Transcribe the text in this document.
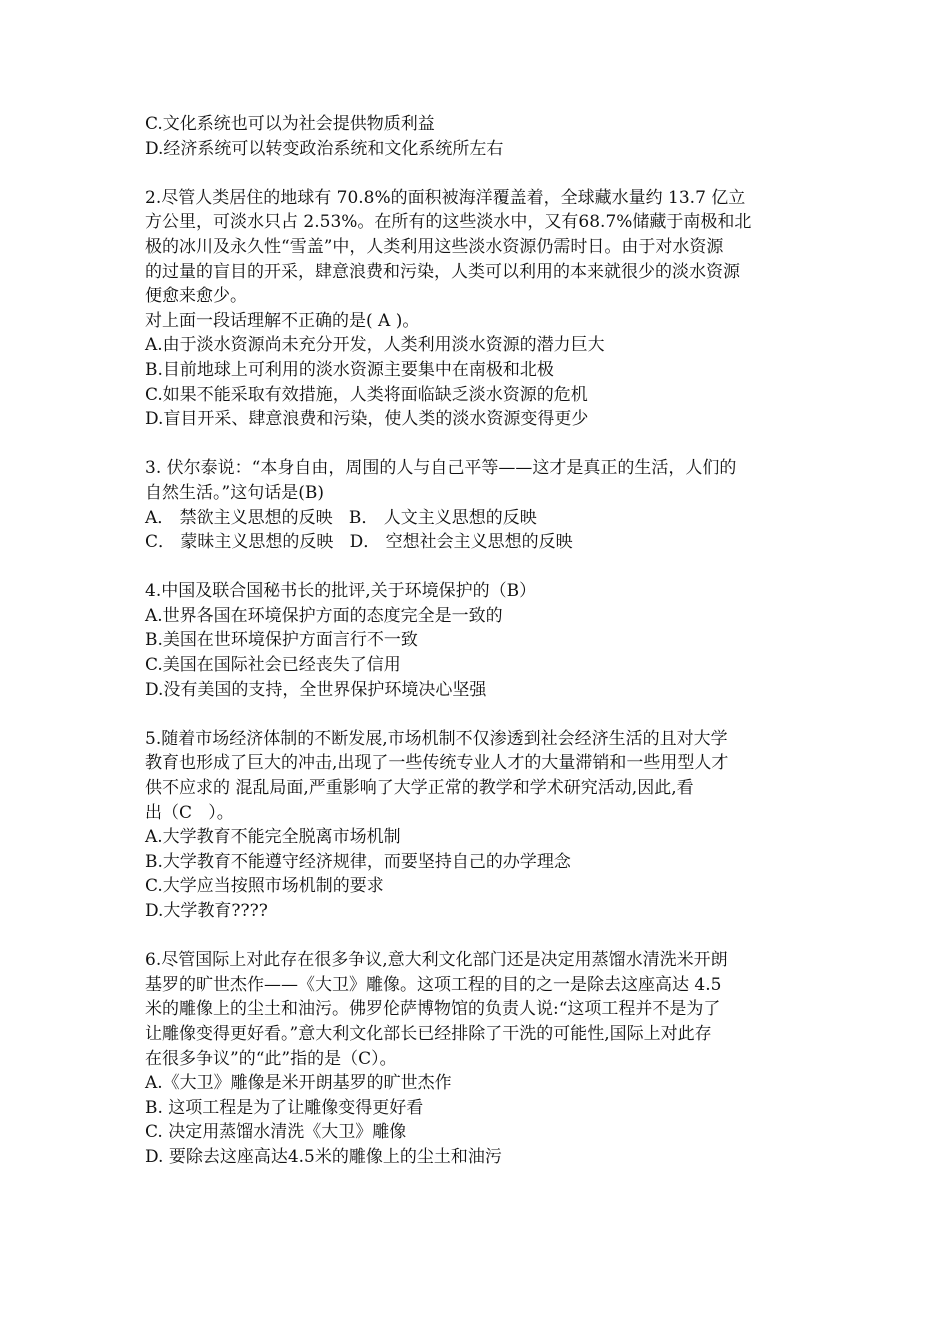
C.文化系统也可以为社会提供物质利益
D.经济系统可以转变政治系统和文化系统所左右
2.尽管人类居住的地球有 70.8%的面积被海洋覆盖着，全球藏水量约 13.7 亿立
方公里，可淡水只占 2.53%。在所有的这些淡水中，又有68.7%储藏于南极和北
极的冰川及永久性“雪盖”中，人类利用这些淡水资源仍需时日。由于对水资源
的过量的盲目的开采，肆意浪费和污染，人类可以利用的本来就很少的淡水资源
便愈来愈少。
对上面一段话理解不正确的是( A )。
A.由于淡水资源尚未充分开发，人类利用淡水资源的潜力巨大
B.目前地球上可利用的淡水资源主要集中在南极和北极
C.如果不能采取有效措施，人类将面临缺乏淡水资源的危机
D.盲目开采、肆意浪费和污染，使人类的淡水资源变得更少
3. 伏尔泰说：“本身自由，周围的人与自己平等——这才是真正的生活，人们的
自然生活。”这句话是(B)
A． 禁欲主义思想的反映   B． 人文主义思想的反映
C． 蒙昧主义思想的反映   D． 空想社会主义思想的反映
4.中国及联合国秘书长的批评,关于环境保护的（B）
A.世界各国在环境保护方面的态度完全是一致的
B.美国在世环境保护方面言行不一致
C.美国在国际社会已经丧失了信用
D.没有美国的支持，全世界保护环境决心坚强
5.随着市场经济体制的不断发展,市场机制不仅渗透到社会经济生活的且对大学
教育也形成了巨大的冲击,出现了一些传统专业人才的大量滞销和一些用型人才
供不应求的 混乱局面,严重影响了大学正常的教学和学术研究活动,因此,看
出（C   ）。
A.大学教育不能完全脱离市场机制
B.大学教育不能遵守经济规律，而要坚持自己的办学理念
C.大学应当按照市场机制的要求
D.大学教育????
6.尽管国际上对此存在很多争议,意大利文化部门还是决定用蒸馏水清洗米开朗
基罗的旷世杰作——《大卫》雕像。这项工程的目的之一是除去这座高达 4.5
米的雕像上的尘土和油污。佛罗伦萨博物馆的负责人说:“这项工程并不是为了
让雕像变得更好看。”意大利文化部长已经排除了干洗的可能性,国际上对此存
在很多争议”的“此”指的是（C）。
A.《大卫》雕像是米开朗基罗的旷世杰作
B. 这项工程是为了让雕像变得更好看
C. 决定用蒸馏水清洗《大卫》雕像
D. 要除去这座高达4.5米的雕像上的尘土和油污
